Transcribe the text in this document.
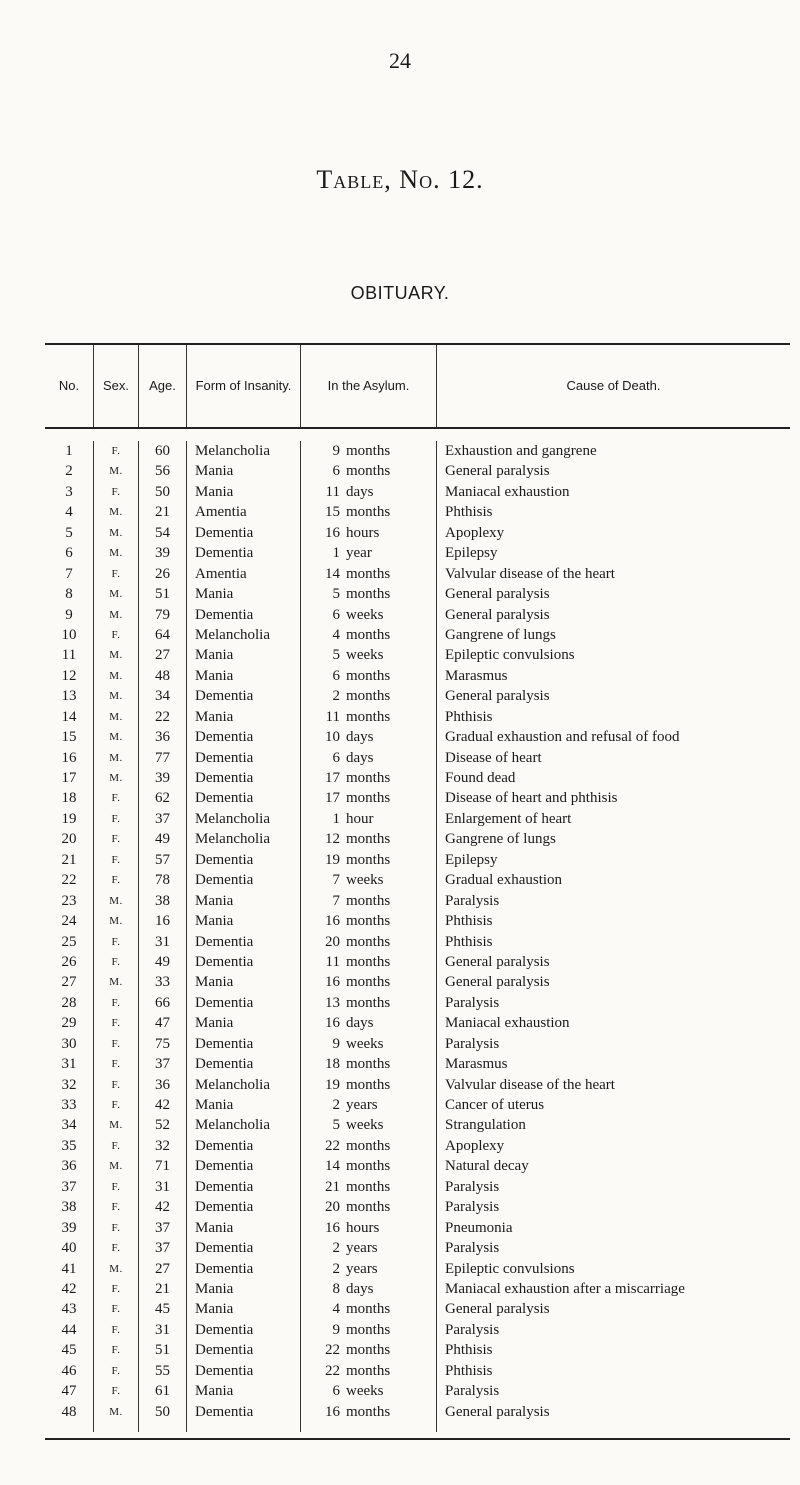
24
Table, No. 12.
OBITUARY.
No.	Sex.	Age.	Form of Insanity.	In the Asylum.	Cause of Death.
1	F.	60	Melancholia	9 months	Exhaustion and gangrene
2	M.	56	Mania	6 months	General paralysis
3	F.	50	Mania	11 days	Maniacal exhaustion
4	M.	21	Amentia	15 months	Phthisis
5	M.	54	Dementia	16 hours	Apoplexy
6	M.	39	Dementia	1 year	Epilepsy
7	F.	26	Amentia	14 months	Valvular disease of the heart
8	M.	51	Mania	5 months	General paralysis
9	M.	79	Dementia	6 weeks	General paralysis
10	F.	64	Melancholia	4 months	Gangrene of lungs
11	M.	27	Mania	5 weeks	Epileptic convulsions
12	M.	48	Mania	6 months	Marasmus
13	M.	34	Dementia	2 months	General paralysis
14	M.	22	Mania	11 months	Phthisis
15	M.	36	Dementia	10 days	Gradual exhaustion and refusal of food
16	M.	77	Dementia	6 days	Disease of heart
17	M.	39	Dementia	17 months	Found dead
18	F.	62	Dementia	17 months	Disease of heart and phthisis
19	F.	37	Melancholia	1 hour	Enlargement of heart
20	F.	49	Melancholia	12 months	Gangrene of lungs
21	F.	57	Dementia	19 months	Epilepsy
22	F.	78	Dementia	7 weeks	Gradual exhaustion
23	M.	38	Mania	7 months	Paralysis
24	M.	16	Mania	16 months	Phthisis
25	F.	31	Dementia	20 months	Phthisis
26	F.	49	Dementia	11 months	General paralysis
27	M.	33	Mania	16 months	General paralysis
28	F.	66	Dementia	13 months	Paralysis
29	F.	47	Mania	16 days	Maniacal exhaustion
30	F.	75	Dementia	9 weeks	Paralysis
31	F.	37	Dementia	18 months	Marasmus
32	F.	36	Melancholia	19 months	Valvular disease of the heart
33	F.	42	Mania	2 years	Cancer of uterus
34	M.	52	Melancholia	5 weeks	Strangulation
35	F.	32	Dementia	22 months	Apoplexy
36	M.	71	Dementia	14 months	Natural decay
37	F.	31	Dementia	21 months	Paralysis
38	F.	42	Dementia	20 months	Paralysis
39	F.	37	Mania	16 hours	Pneumonia
40	F.	37	Dementia	2 years	Paralysis
41	M.	27	Dementia	2 years	Epileptic convulsions
42	F.	21	Mania	8 days	Maniacal exhaustion after a miscarriage
43	F.	45	Mania	4 months	General paralysis
44	F.	31	Dementia	9 months	Paralysis
45	F.	51	Dementia	22 months	Phthisis
46	F.	55	Dementia	22 months	Phthisis
47	F.	61	Mania	6 weeks	Paralysis
48	M.	50	Dementia	16 months	General paralysis
